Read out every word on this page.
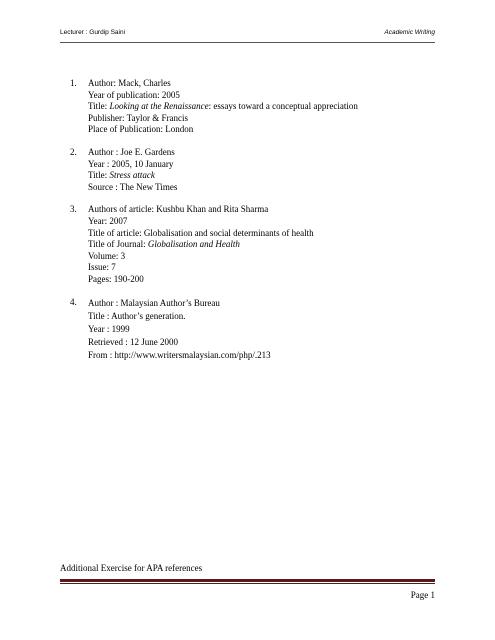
Lecturer : Gurdip Saini	Academic Writing
1. Author: Mack, Charles
Year of publication: 2005
Title: Looking at the Renaissance: essays toward a conceptual appreciation
Publisher: Taylor & Francis
Place of Publication: London
2. Author : Joe E. Gardens
Year : 2005, 10 January
Title: Stress attack
Source : The New Times
3. Authors of article: Kushbu Khan and Rita Sharma
Year: 2007
Title of article: Globalisation and social determinants of health
Title of Journal: Globalisation and Health
Volume: 3
Issue: 7
Pages: 190-200
4. Author : Malaysian Author’s Bureau
Title : Author’s generation.
Year : 1999
Retrieved : 12 June 2000
From : http://www.writersmalaysian.com/php/.213
Additional Exercise for APA references
Page 1
